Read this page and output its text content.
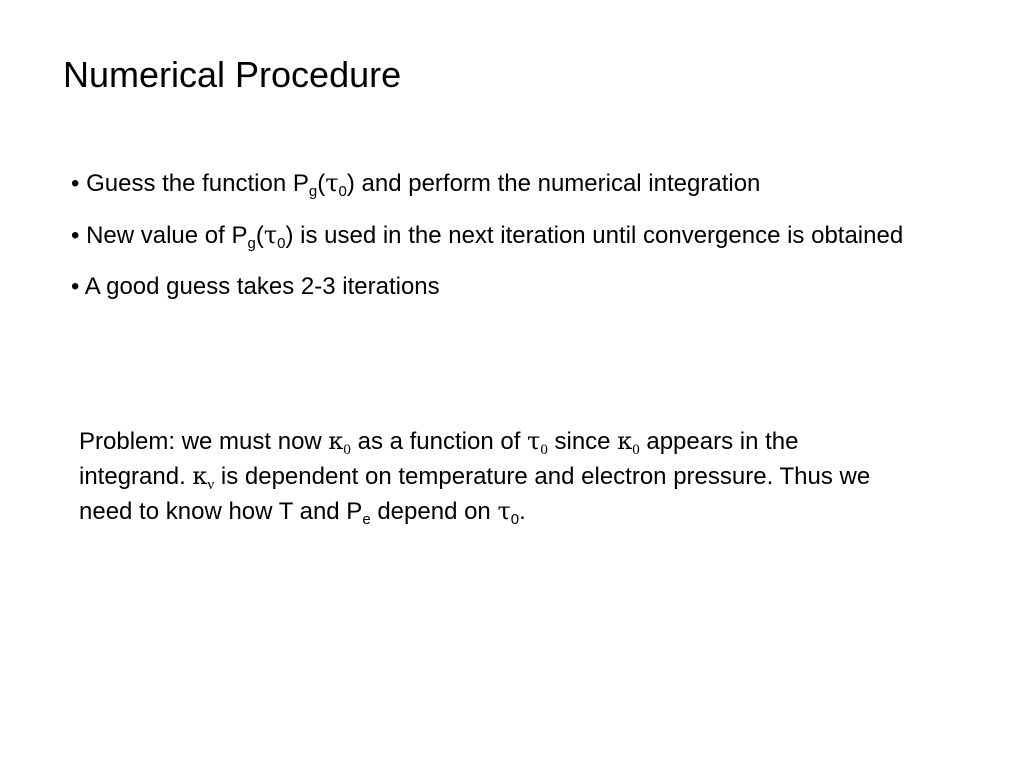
Numerical Procedure
• Guess the function $P_g(\tau_0)$ and perform the numerical integration
• New value of $P_g(\tau_0)$ is used in the next iteration until convergence is obtained
• A good guess takes 2-3 iterations
Problem: we must now $\kappa_0$ as a function of $\tau_0$ since $\kappa_0$ appears in the integrand. $\kappa_\nu$ is dependent on temperature and electron pressure. Thus we need to know how T and $P_e$ depend on $\tau_0$.
